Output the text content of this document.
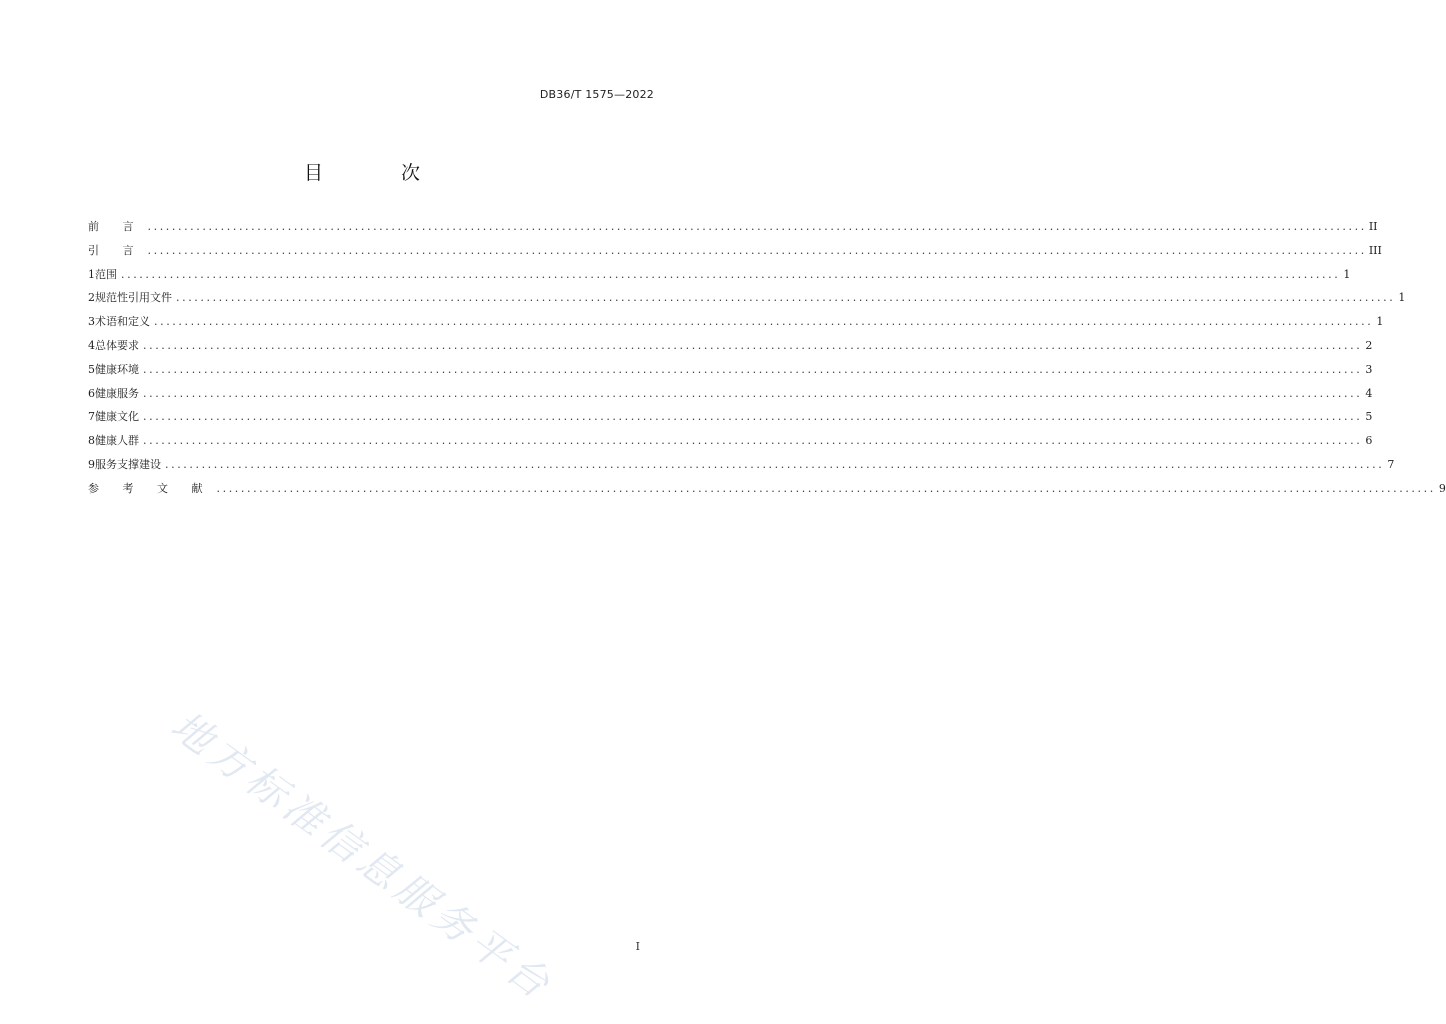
DB36/T 1575—2022
目 次
前 言 ........................................................................................................................................................................................................ II
引 言 ........................................................................................................................................................................................................ III
1 范围 ........................................................................................................................................................................................................ 1
2 规范性引用文件 ........................................................................................................................................................................................................ 1
3 术语和定义 ........................................................................................................................................................................................................ 1
4 总体要求 ........................................................................................................................................................................................................ 2
5 健康环境 ........................................................................................................................................................................................................ 3
6 健康服务 ........................................................................................................................................................................................................ 4
7 健康文化 ........................................................................................................................................................................................................ 5
8 健康人群 ........................................................................................................................................................................................................ 6
9 服务支撑建设 ........................................................................................................................................................................................................ 7
参 考 文 献 ........................................................................................................................................................................................................ 9
地方标准信息服务平台	I
